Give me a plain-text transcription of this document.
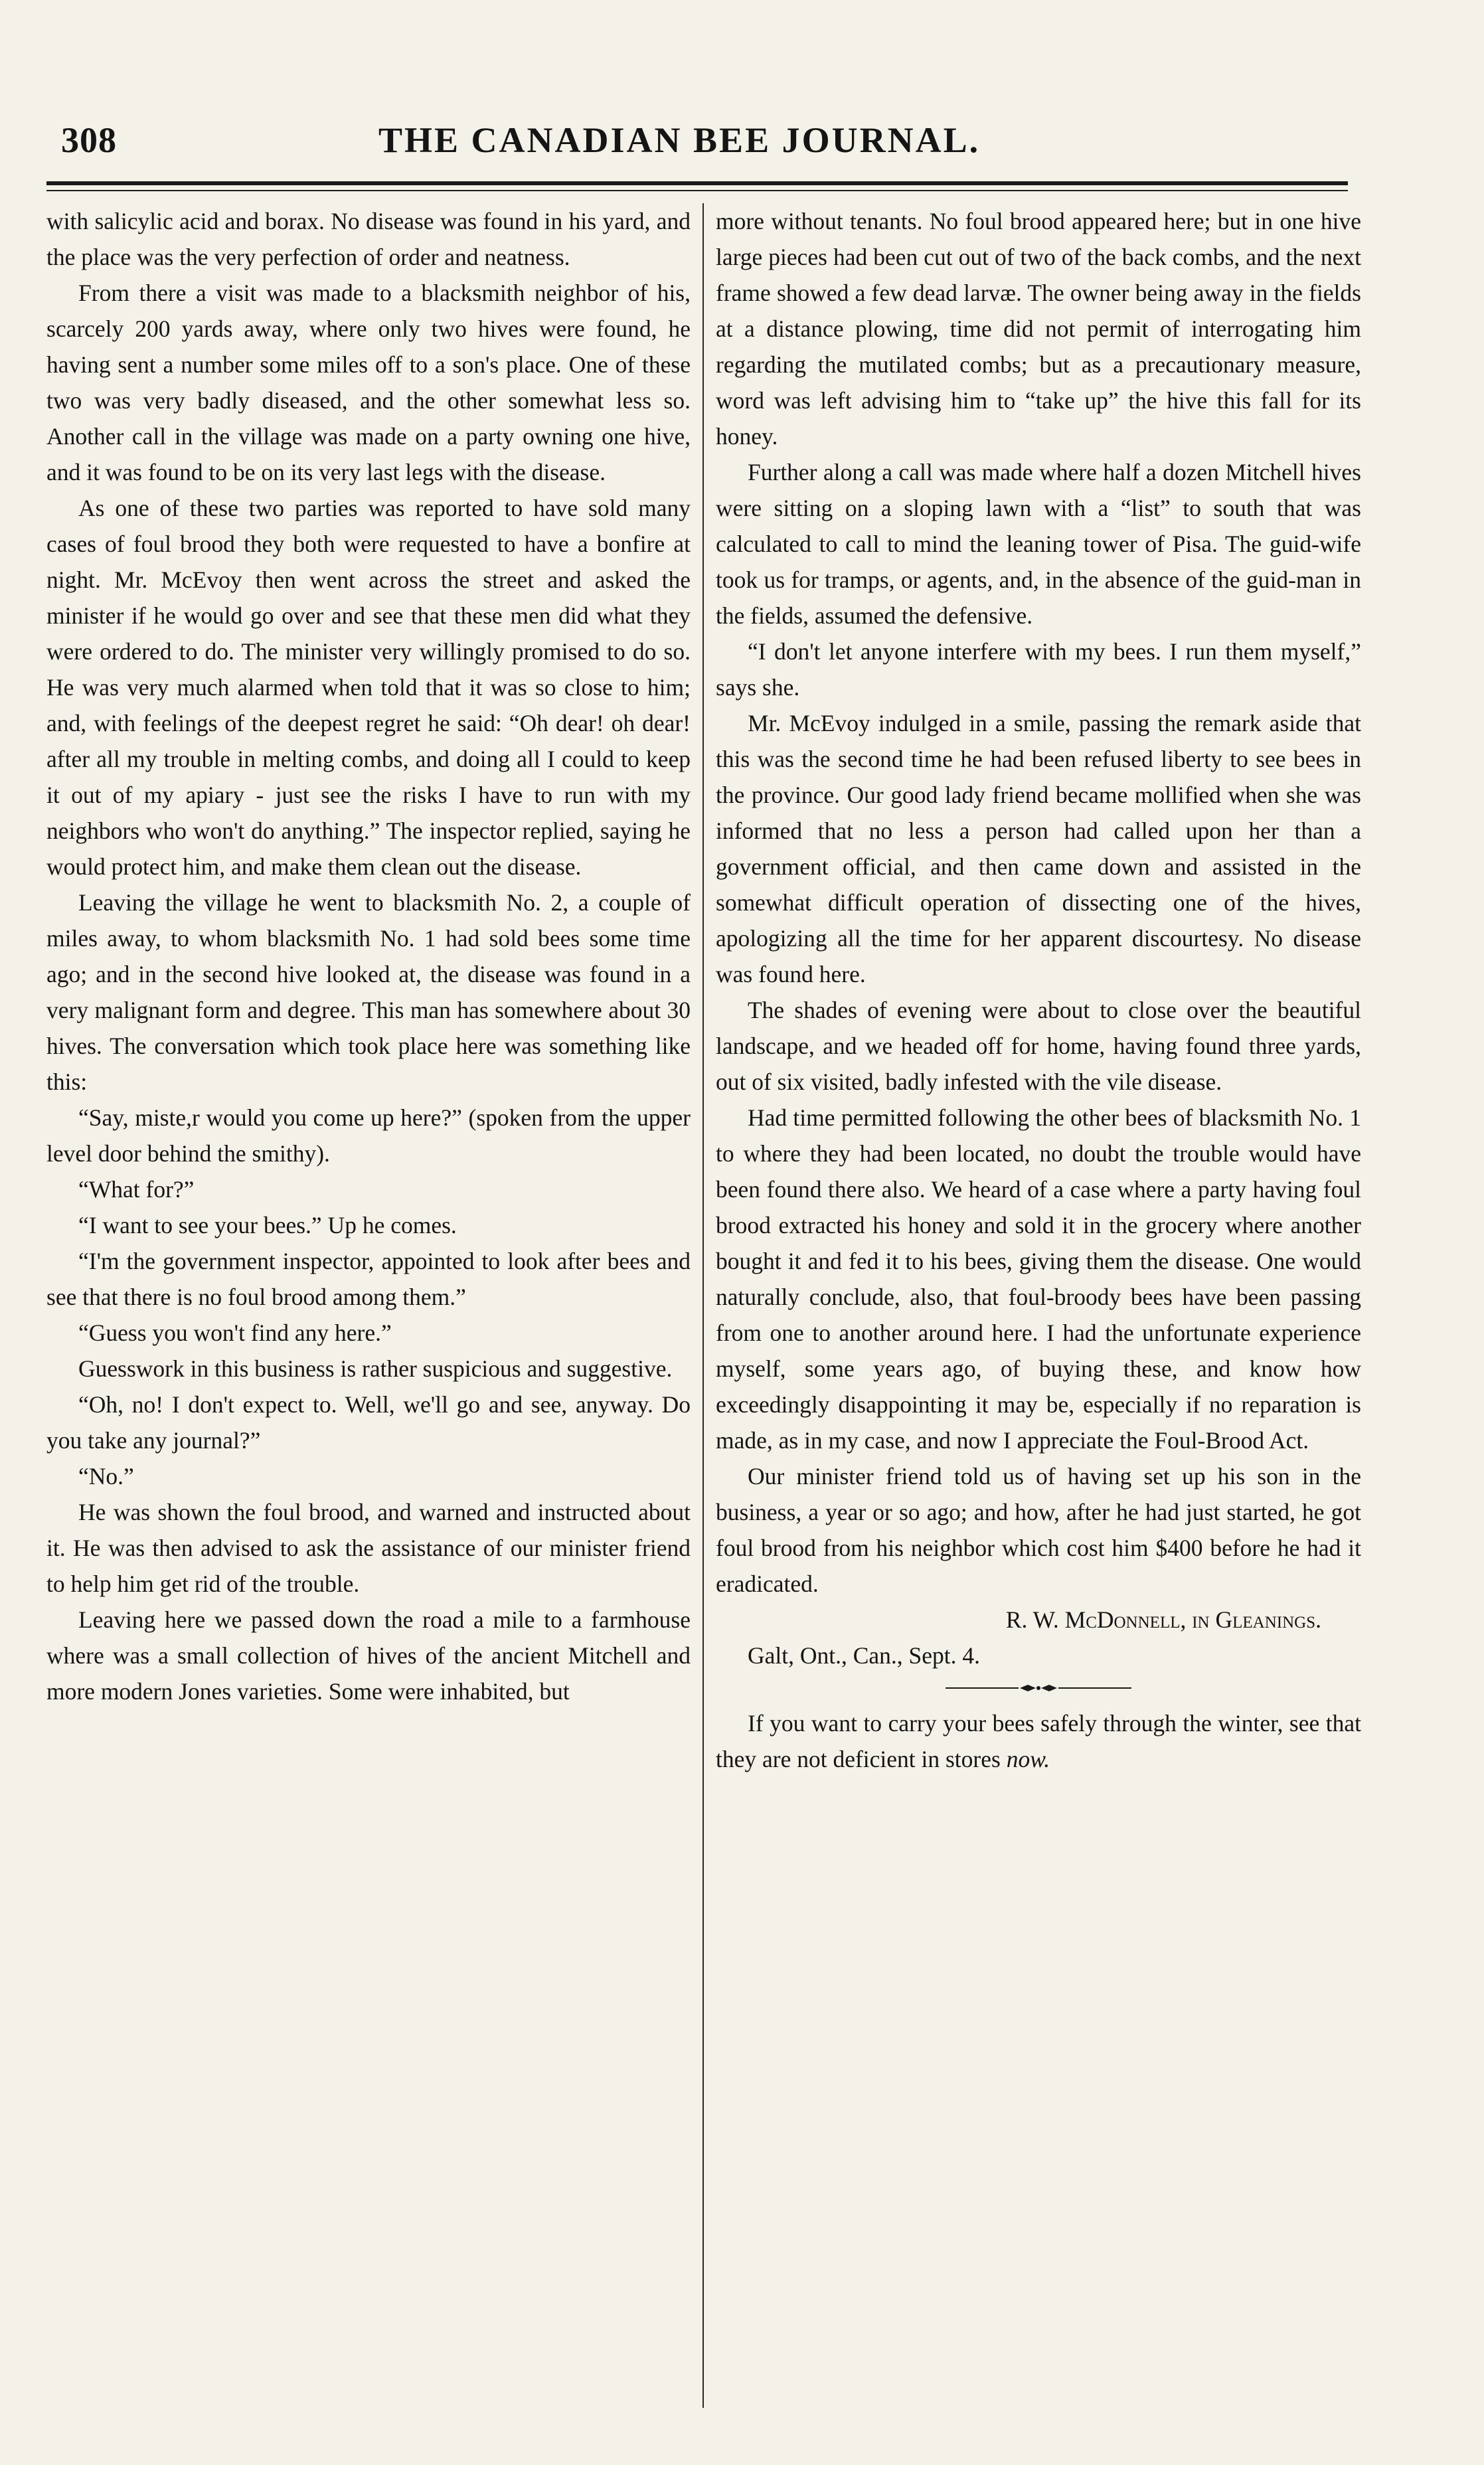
308	THE CANADIAN BEE JOURNAL.

with salicylic acid and borax. No disease was found in his yard, and the place was the very perfection of order and neatness.

From there a visit was made to a blacksmith neighbor of his, scarcely 200 yards away, where only two hives were found, he having sent a number some miles off to a son's place. One of these two was very badly diseased, and the other somewhat less so. Another call in the village was made on a party owning one hive, and it was found to be on its very last legs with the disease.

As one of these two parties was reported to have sold many cases of foul brood they both were requested to have a bonfire at night. Mr. McEvoy then went across the street and asked the minister if he would go over and see that these men did what they were ordered to do. The minister very willingly promised to do so. He was very much alarmed when told that it was so close to him; and, with feelings of the deepest regret he said: “Oh dear! oh dear! after all my trouble in melting combs, and doing all I could to keep it out of my apiary - just see the risks I have to run with my neighbors who won't do anything.” The inspector replied, saying he would protect him, and make them clean out the disease.

Leaving the village he went to blacksmith No. 2, a couple of miles away, to whom blacksmith No. 1 had sold bees some time ago; and in the second hive looked at, the disease was found in a very malignant form and degree. This man has somewhere about 30 hives. The conversation which took place here was something like this:

“Say, miste,r would you come up here?” (spoken from the upper level door behind the smithy).

“What for?”

“I want to see your bees.” Up he comes.

“I'm the government inspector, appointed to look after bees and see that there is no foul brood among them.”

“Guess you won't find any here.”

Guesswork in this business is rather suspicious and suggestive.

“Oh, no! I don't expect to. Well, we'll go and see, anyway. Do you take any journal?”

“No.”

He was shown the foul brood, and warned and instructed about it. He was then advised to ask the assistance of our minister friend to help him get rid of the trouble.

Leaving here we passed down the road a mile to a farmhouse where was a small collection of hives of the ancient Mitchell and more modern Jones varieties. Some were inhabited, but

more without tenants. No foul brood appeared here; but in one hive large pieces had been cut out of two of the back combs, and the next frame showed a few dead larvæ. The owner being away in the fields at a distance plowing, time did not permit of interrogating him regarding the mutilated combs; but as a precautionary measure, word was left advising him to “take up” the hive this fall for its honey.

Further along a call was made where half a dozen Mitchell hives were sitting on a sloping lawn with a “list” to south that was calculated to call to mind the leaning tower of Pisa. The guid-wife took us for tramps, or agents, and, in the absence of the guid-man in the fields, assumed the defensive.

“I don't let anyone interfere with my bees. I run them myself,” says she.

Mr. McEvoy indulged in a smile, passing the remark aside that this was the second time he had been refused liberty to see bees in the province. Our good lady friend became mollified when she was informed that no less a person had called upon her than a government official, and then came down and assisted in the somewhat difficult operation of dissecting one of the hives, apologizing all the time for her apparent discourtesy. No disease was found here.

The shades of evening were about to close over the beautiful landscape, and we headed off for home, having found three yards, out of six visited, badly infested with the vile disease.

Had time permitted following the other bees of blacksmith No. 1 to where they had been located, no doubt the trouble would have been found there also. We heard of a case where a party having foul brood extracted his honey and sold it in the grocery where another bought it and fed it to his bees, giving them the disease. One would naturally conclude, also, that foul-broody bees have been passing from one to another around here. I had the unfortunate experience myself, some years ago, of buying these, and know how exceedingly disappointing it may be, especially if no reparation is made, as in my case, and now I appreciate the Foul-Brood Act.

Our minister friend told us of having set up his son in the business, a year or so ago; and how, after he had just started, he got foul brood from his neighbor which cost him $400 before he had it eradicated.

R. W. McDonnell, in Gleanings.

Galt, Ont., Can., Sept. 4.

If you want to carry your bees safely through the winter, see that they are not deficient in stores now.
